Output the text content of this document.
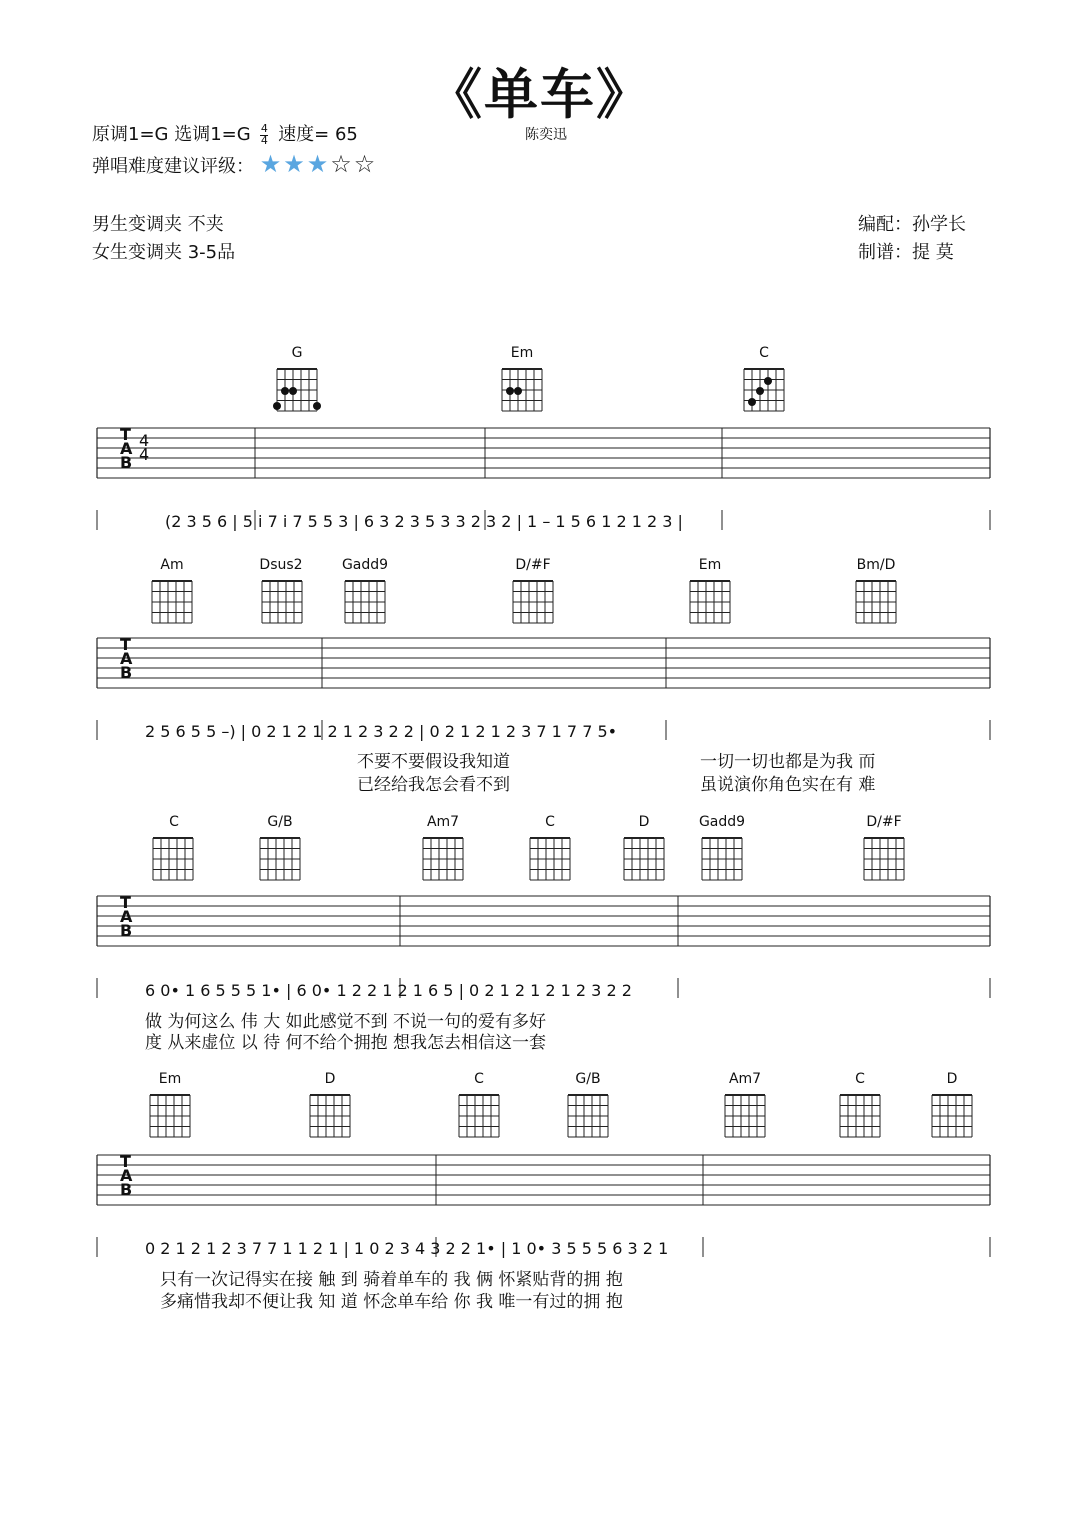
《单车》
原调1=G 选调$1=G \frac{4}{4}$ 速度= 65	陈奕迅
弹唱难度建议评级： ★★★☆☆
男生变调夹 不夹
女生变调夹 3-5品
编配：孙学长
制谱：提 莫
G	Em	C
T
A
B
4
4
(2 3 5 6 | 5 i 7 i 7 5 5 3 | 6 3 2 3 5 3 3 2 3 2 | 1 – 1 5 6 1 2 1 2 3 |
Am	Dsus2	Gadd9	D/#F	Em	Bm/D
T
A
B
2 5 6 5 5 –) | 0 2 1 2 1 2 1 2 3 2 2 | 0 2 1 2 1 2 3 7 1 7 7 5•
不要不要假设我知道	一切一切也都是为我 而
已经给我怎会看不到	虽说演你角色实在有 难
C	G/B	Am7	C	D	Gadd9	D/#F
T
A
B
6 0• 1 6 5 5 5 1• | 6 0• 1 2 2 1 2 1 6 5 | 0 2 1 2 1 2 1 2 3 2 2
做 为何这么 伟 大 如此感觉不到 不说一句的爱有多好
度 从来虚位 以 待 何不给个拥抱 想我怎去相信这一套
Em	D	C	G/B	Am7	C	D
T
A
B
0 2 1 2 1 2 3 7 7 1 1 2 1 | 1 0 2 3 4 3 2 2 1• | 1 0• 3 5 5 5 6 3 2 1
只有一次记得实在接 触 到 骑着单车的 我 俩 怀紧贴背的拥 抱
多痛惜我却不便让我 知 道 怀念单车给 你 我 唯一有过的拥 抱
